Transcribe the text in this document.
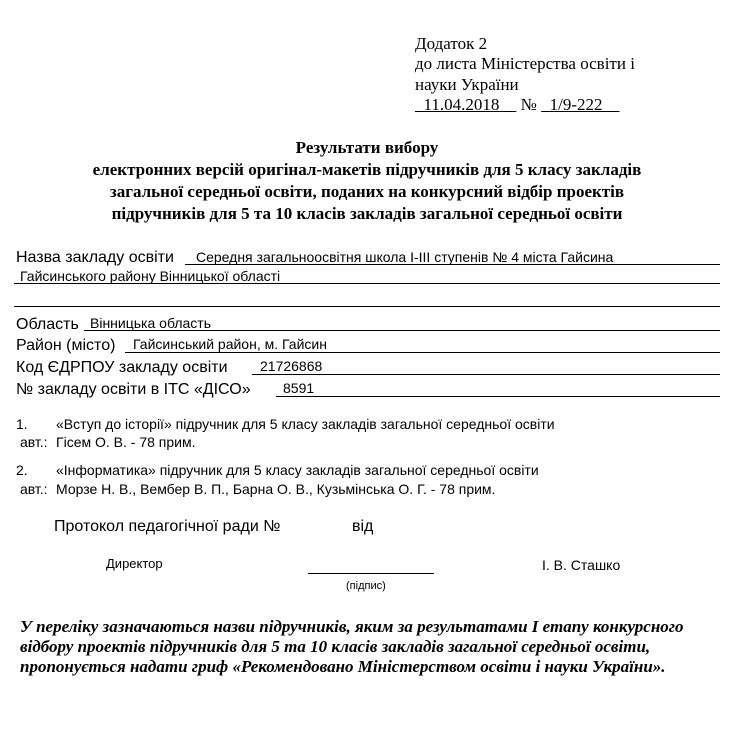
Додаток 2
до листа Міністерства освіти і
науки України
11.04.2018 № 1/9-222
Результати вибору
електронних версій оригінал-макетів підручників для 5 класу закладів
загальної середньої освіти, поданих на конкурсний відбір проектів
підручників для 5 та 10 класів закладів загальної середньої освіти
Назва закладу освіти Середня загальноосвітня школа І-ІІІ ступенів № 4 міста Гайсина
Гайсинського району Вінницької області
Область Вінницька область
Район (місто) Гайсинський район, м. Гайсин
Код ЄДРПОУ закладу освіти 21726868
№ закладу освіти в ІТС «ДІСО» 8591
1. «Вступ до історії» підручник для 5 класу закладів загальної середньої освіти
авт.: Гісем О. В. - 78 прим.
2. «Інформатика» підручник для 5 класу закладів загальної середньої освіти
авт.: Морзе Н. В., Вембер В. П., Барна О. В., Кузьмінська О. Г. - 78 прим.
Протокол педагогічної ради №	від
Директор
(підпис)
І. В. Сташко
У переліку зазначаються назви підручників, яким за результатами І етапу конкурсного відбору проектів підручників для 5 та 10 класів закладів загальної середньої освіти, пропонується надати гриф «Рекомендовано Міністерством освіти і науки України».
